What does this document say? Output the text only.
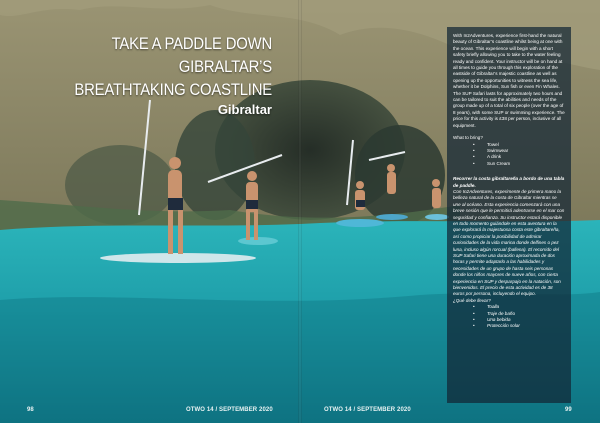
TAKE A PADDLE DOWN GIBRALTAR’S
BREATHTAKING COASTLINE
Gibraltar

With In2Adventures, experience first-hand the natural beauty of Gibraltar’s coastline whilst being at one with the ocean. This experience will begin with a short safety briefly allowing you to take to the water feeling ready and confident. Your instructor will be on hand at all times to guide you through this exploration of the eastside of Gibraltar’s majestic coastline as well as opening up the opportunities to witness the sea life, whether it be Dolphins, Sun fish or even Fin Whales. The SUP Safari lasts for approximately two hours and can be tailored to suit the abilities and needs of the group made up of a total of six people (over the age of 8 years), with some SUP or swimming experience. The price for this activity is £38 per person, inclusive of all equipment.

What to bring?

• Towel
• Swimwear
• A drink
• Sun Cream

Recorrer la costa gibraltareña a bordo de una tabla de paddle.

Con In2Adventures, experimente de primera mano la belleza natural de la costa de Gibraltar mientras se une al océano. Esta experiencia comenzará con una breve sesión que le permitirá adentrarse en el mar con seguridad y confianza. Su instructor estará disponible en todo momento guiándole en esta aventura en la que explorará la majestuosa costa este gibraltareña, así como propiciar la posibilidad de admirar curiosidades de la vida marina donde delfines o pez luna, incluso algún rorcual (ballena). El recorrido del SUP Safari tiene una duración aproximada de dos horas y permite adaptarlo a las habilidades y necesidades de un grupo de hasta seis personas donde los niños mayores de nueve años, con cierta experiencia en SUP y desparpajo en la natación, son bienvenidos. El precio de esta actividad es de 38 euros por persona, incluyendo el equipo.

¿Qué debe llevar?

• Toalla
• Traje de baño
• Una bebida
• Protección solar
98	OTWO 14 / SEPTEMBER 2020	OTWO 14 / SEPTEMBER 2020	99
